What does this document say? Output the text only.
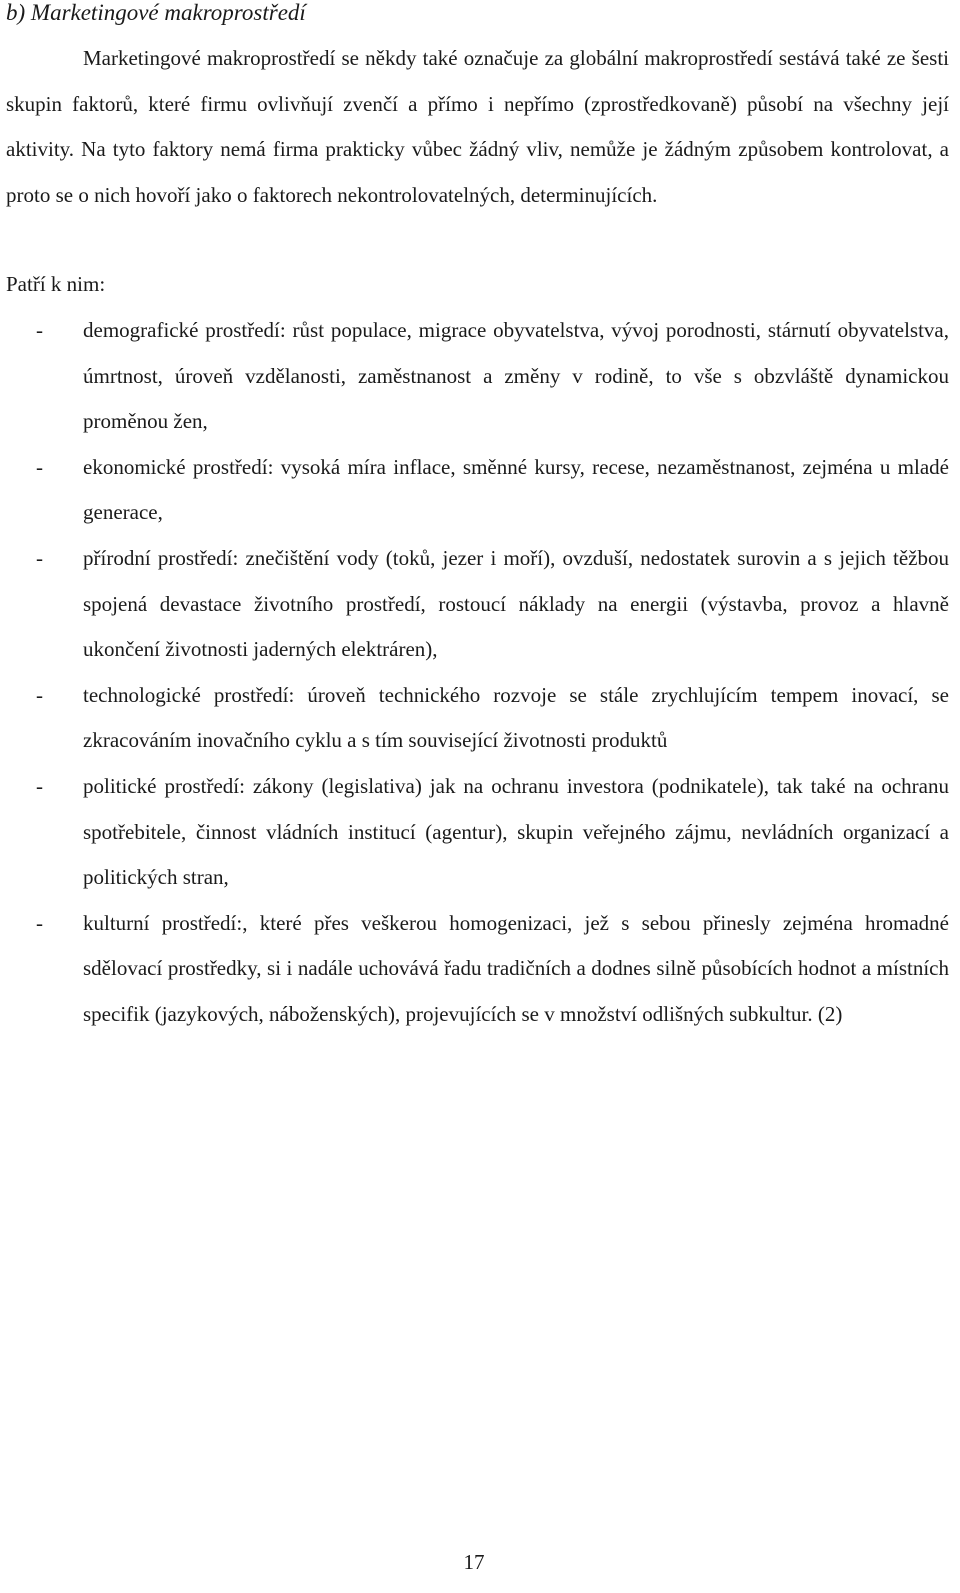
b) Marketingové makroprostředí

Marketingové makroprostředí se někdy také označuje za globální makroprostředí sestává také ze šesti skupin faktorů, které firmu ovlivňují zvenčí a přímo i nepřímo (zprostředkovaně) působí na všechny její aktivity. Na tyto faktory nemá firma prakticky vůbec žádný vliv, nemůže je žádným způsobem kontrolovat, a proto se o nich hovoří jako o faktorech nekontrolovatelných, determinujících.

Patří k nim:

- demografické prostředí: růst populace, migrace obyvatelstva, vývoj porodnosti, stárnutí obyvatelstva, úmrtnost, úroveň vzdělanosti, zaměstnanost a změny v rodině, to vše s obzvláště dynamickou proměnou žen,
- ekonomické prostředí: vysoká míra inflace, směnné kursy, recese, nezaměstnanost, zejména u mladé generace,
- přírodní prostředí: znečištění vody (toků, jezer i moří), ovzduší, nedostatek surovin a s jejich těžbou spojená devastace životního prostředí, rostoucí náklady na energii (výstavba, provoz a hlavně ukončení životnosti jaderných elektráren),
- technologické prostředí: úroveň technického rozvoje se stále zrychlujícím tempem inovací, se zkracováním inovačního cyklu a s tím související životnosti produktů
- politické prostředí: zákony (legislativa) jak na ochranu investora (podnikatele), tak také na ochranu spotřebitele, činnost vládních institucí (agentur), skupin veřejného zájmu, nevládních organizací a politických stran,
- kulturní prostředí:, které přes veškerou homogenizaci, jež s sebou přinesly zejména hromadné sdělovací prostředky, si i nadále uchovává řadu tradičních a dodnes silně působících hodnot a místních specifik (jazykových, náboženských), projevujících se v množství odlišných subkultur. (2)
17
